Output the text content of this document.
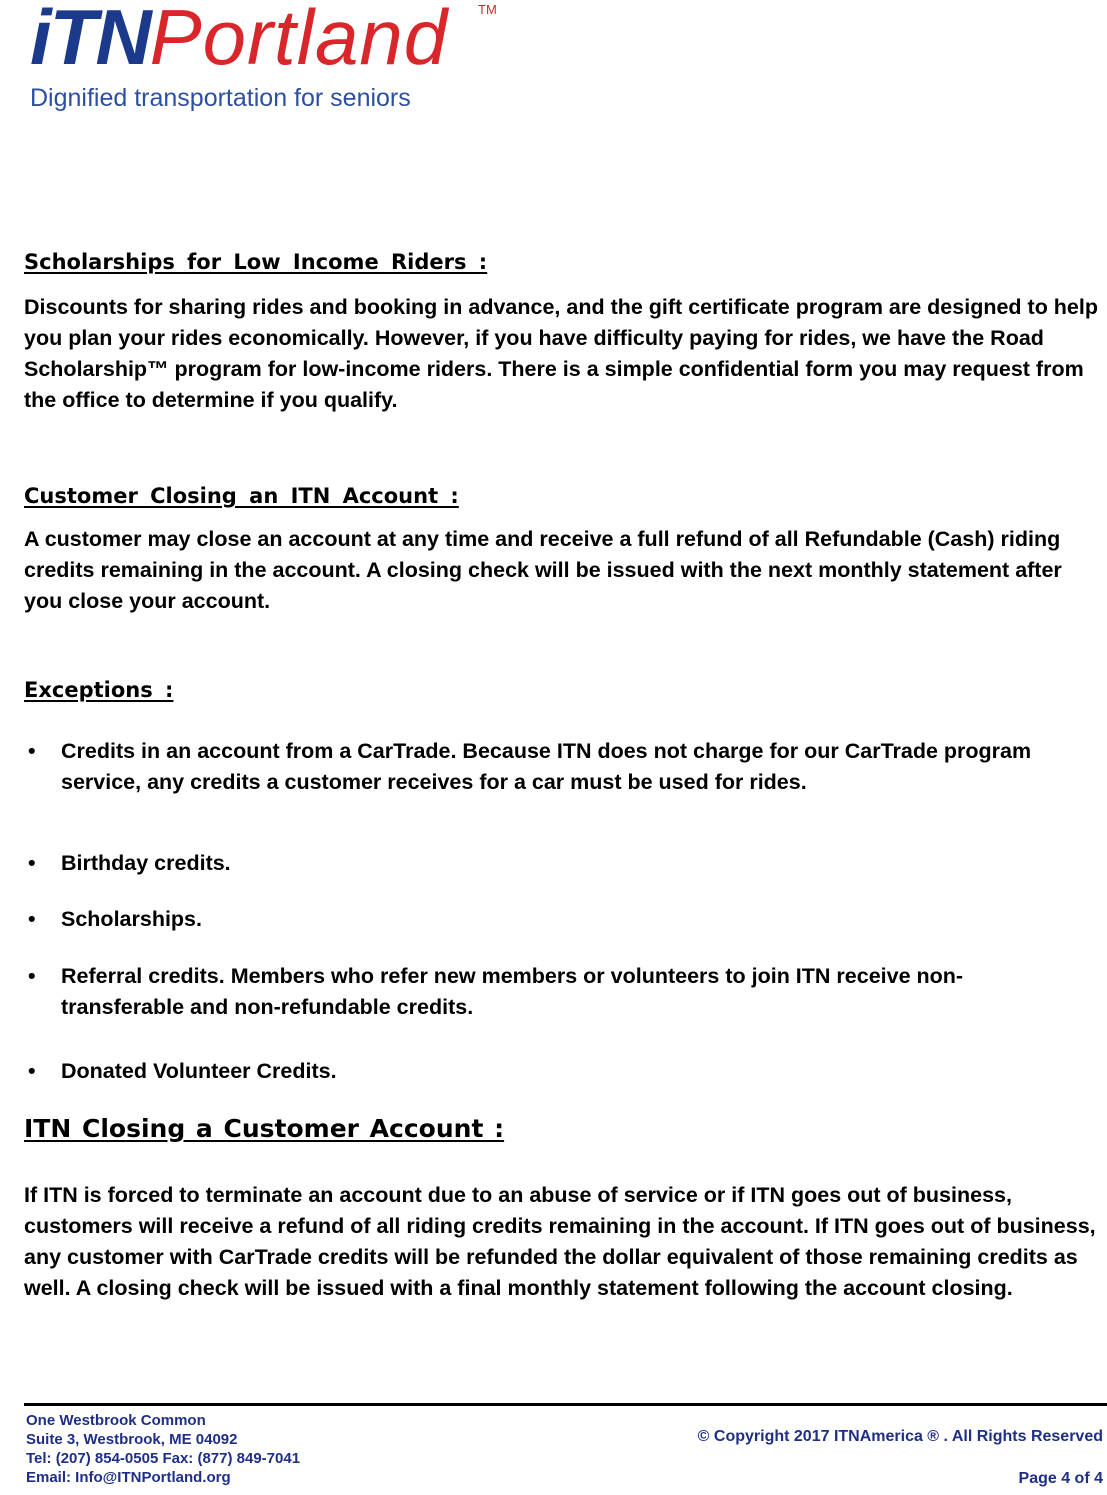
iTNPortland TM
Dignified transportation for seniors
Scholarships for Low Income Riders :

Discounts for sharing rides and booking in advance, and the gift certificate program are designed to help you plan your rides economically. However, if you have difficulty paying for rides, we have the Road Scholarship™ program for low-income riders. There is a simple confidential form you may request from the office to determine if you qualify.

Customer Closing an ITN Account :

A customer may close an account at any time and receive a full refund of all Refundable (Cash) riding credits remaining in the account. A closing check will be issued with the next monthly statement after you close your account.

Exceptions :
• Credits in an account from a CarTrade. Because ITN does not charge for our CarTrade program service, any credits a customer receives for a car must be used for rides.
• Birthday credits.
• Scholarships.
• Referral credits. Members who refer new members or volunteers to join ITN receive non-transferable and non-refundable credits.
• Donated Volunteer Credits.
ITN Closing a Customer Account :

If ITN is forced to terminate an account due to an abuse of service or if ITN goes out of business, customers will receive a refund of all riding credits remaining in the account. If ITN goes out of business, any customer with CarTrade credits will be refunded the dollar equivalent of those remaining credits as well. A closing check will be issued with a final monthly statement following the account closing.

One Westbrook Common
Suite 3, Westbrook, ME 04092
Tel: (207) 854-0505 Fax: (877) 849-7041
Email: Info@ITNPortland.org
© Copyright 2017 ITNAmerica ® . All Rights Reserved
Page 4 of 4
